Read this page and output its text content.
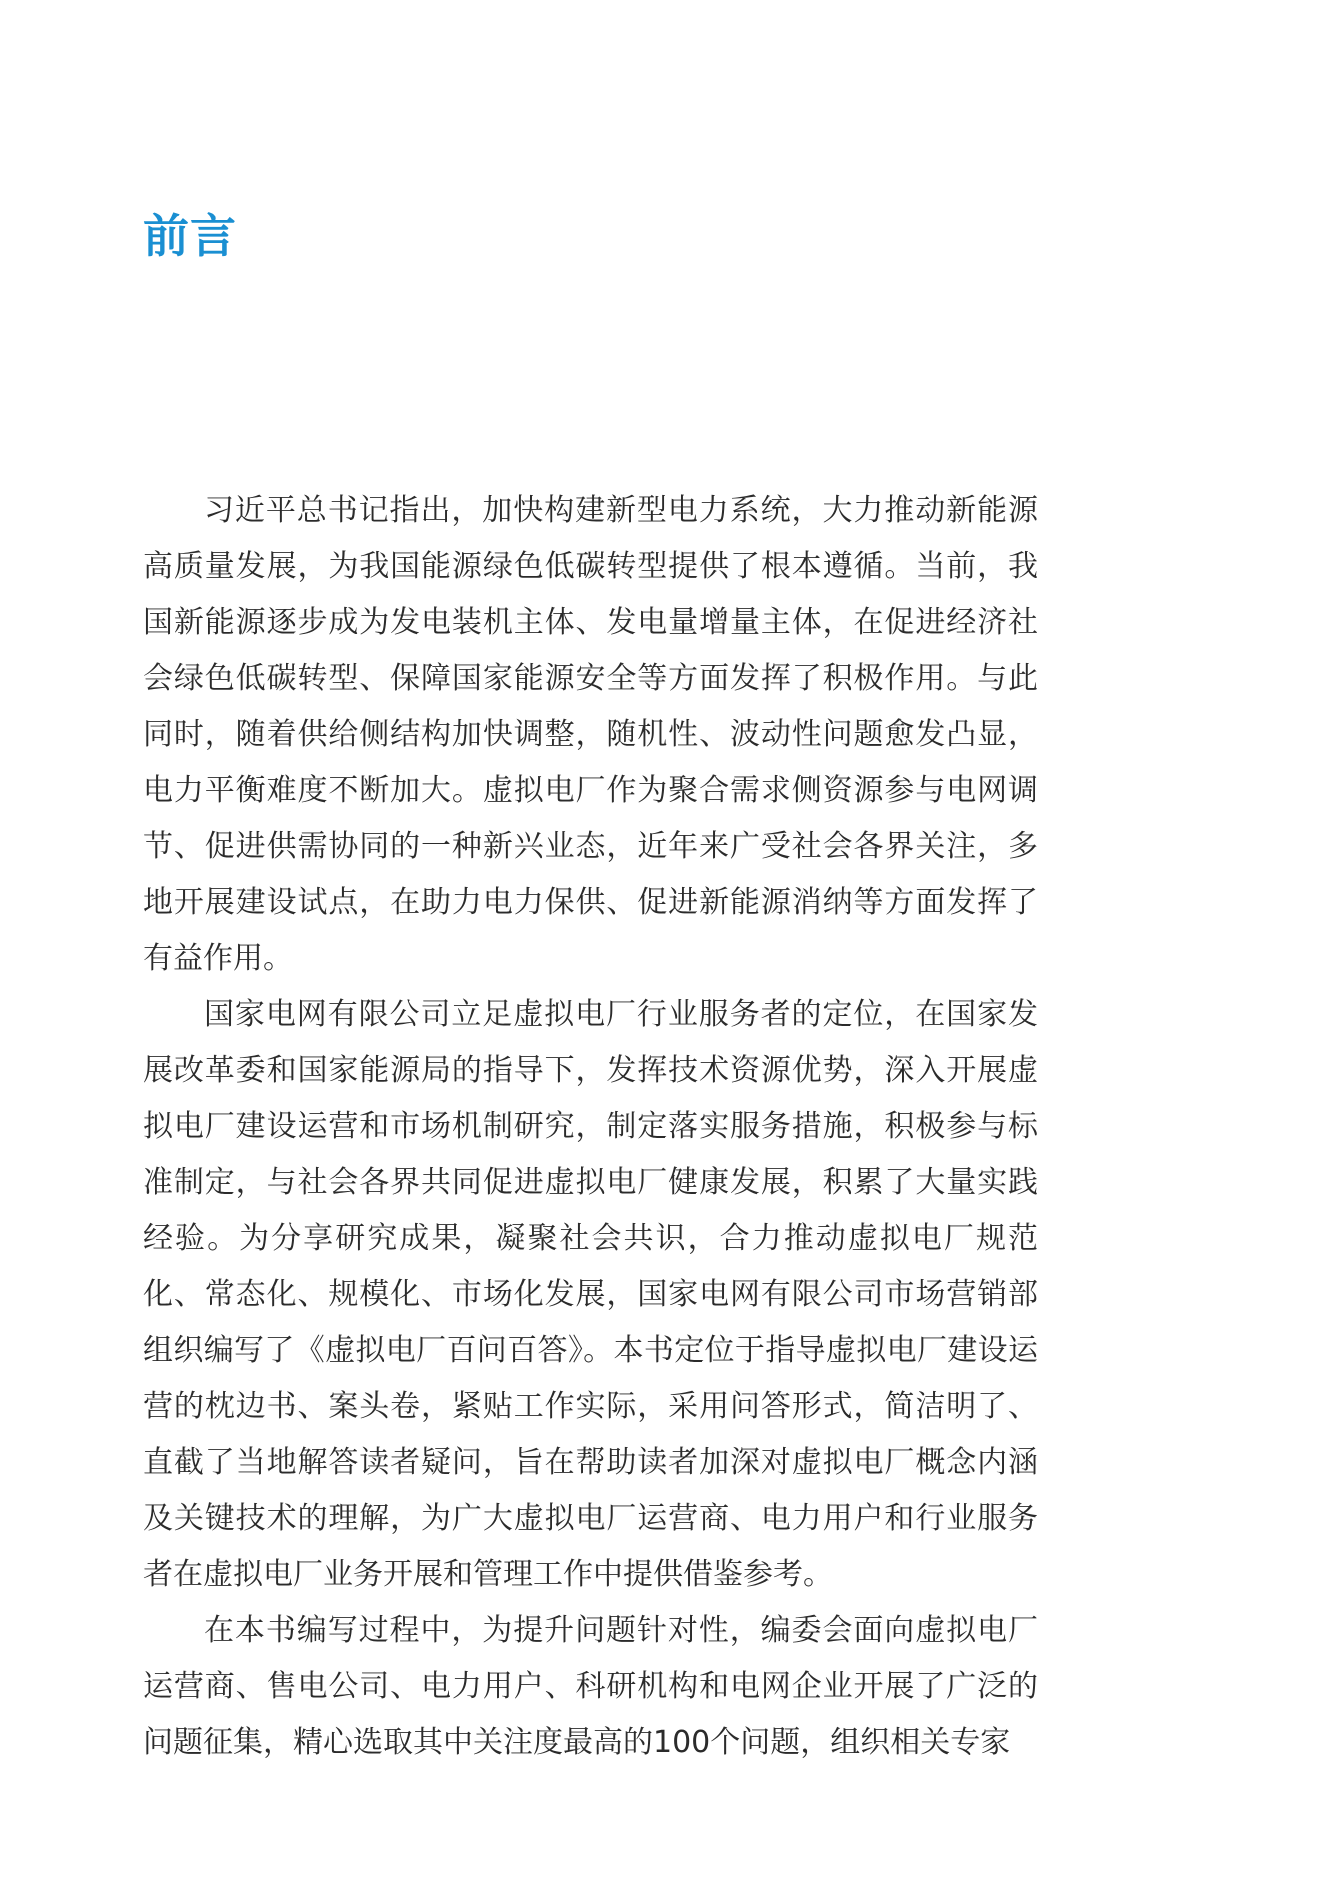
前言

习近平总书记指出，加快构建新型电力系统，大力推动新能源高质量发展，为我国能源绿色低碳转型提供了根本遵循。当前，我国新能源逐步成为发电装机主体、发电量增量主体，在促进经济社会绿色低碳转型、保障国家能源安全等方面发挥了积极作用。与此同时，随着供给侧结构加快调整，随机性、波动性问题愈发凸显，电力平衡难度不断加大。虚拟电厂作为聚合需求侧资源参与电网调节、促进供需协同的一种新兴业态，近年来广受社会各界关注，多地开展建设试点，在助力电力保供、促进新能源消纳等方面发挥了有益作用。

国家电网有限公司立足虚拟电厂行业服务者的定位，在国家发展改革委和国家能源局的指导下，发挥技术资源优势，深入开展虚拟电厂建设运营和市场机制研究，制定落实服务措施，积极参与标准制定，与社会各界共同促进虚拟电厂健康发展，积累了大量实践经验。为分享研究成果，凝聚社会共识，合力推动虚拟电厂规范化、常态化、规模化、市场化发展，国家电网有限公司市场营销部组织编写了《虚拟电厂百问百答》。本书定位于指导虚拟电厂建设运营的枕边书、案头卷，紧贴工作实际，采用问答形式，简洁明了、直截了当地解答读者疑问，旨在帮助读者加深对虚拟电厂概念内涵及关键技术的理解，为广大虚拟电厂运营商、电力用户和行业服务者在虚拟电厂业务开展和管理工作中提供借鉴参考。

在本书编写过程中，为提升问题针对性，编委会面向虚拟电厂运营商、售电公司、电力用户、科研机构和电网企业开展了广泛的问题征集，精心选取其中关注度最高的100个问题，组织相关专家
